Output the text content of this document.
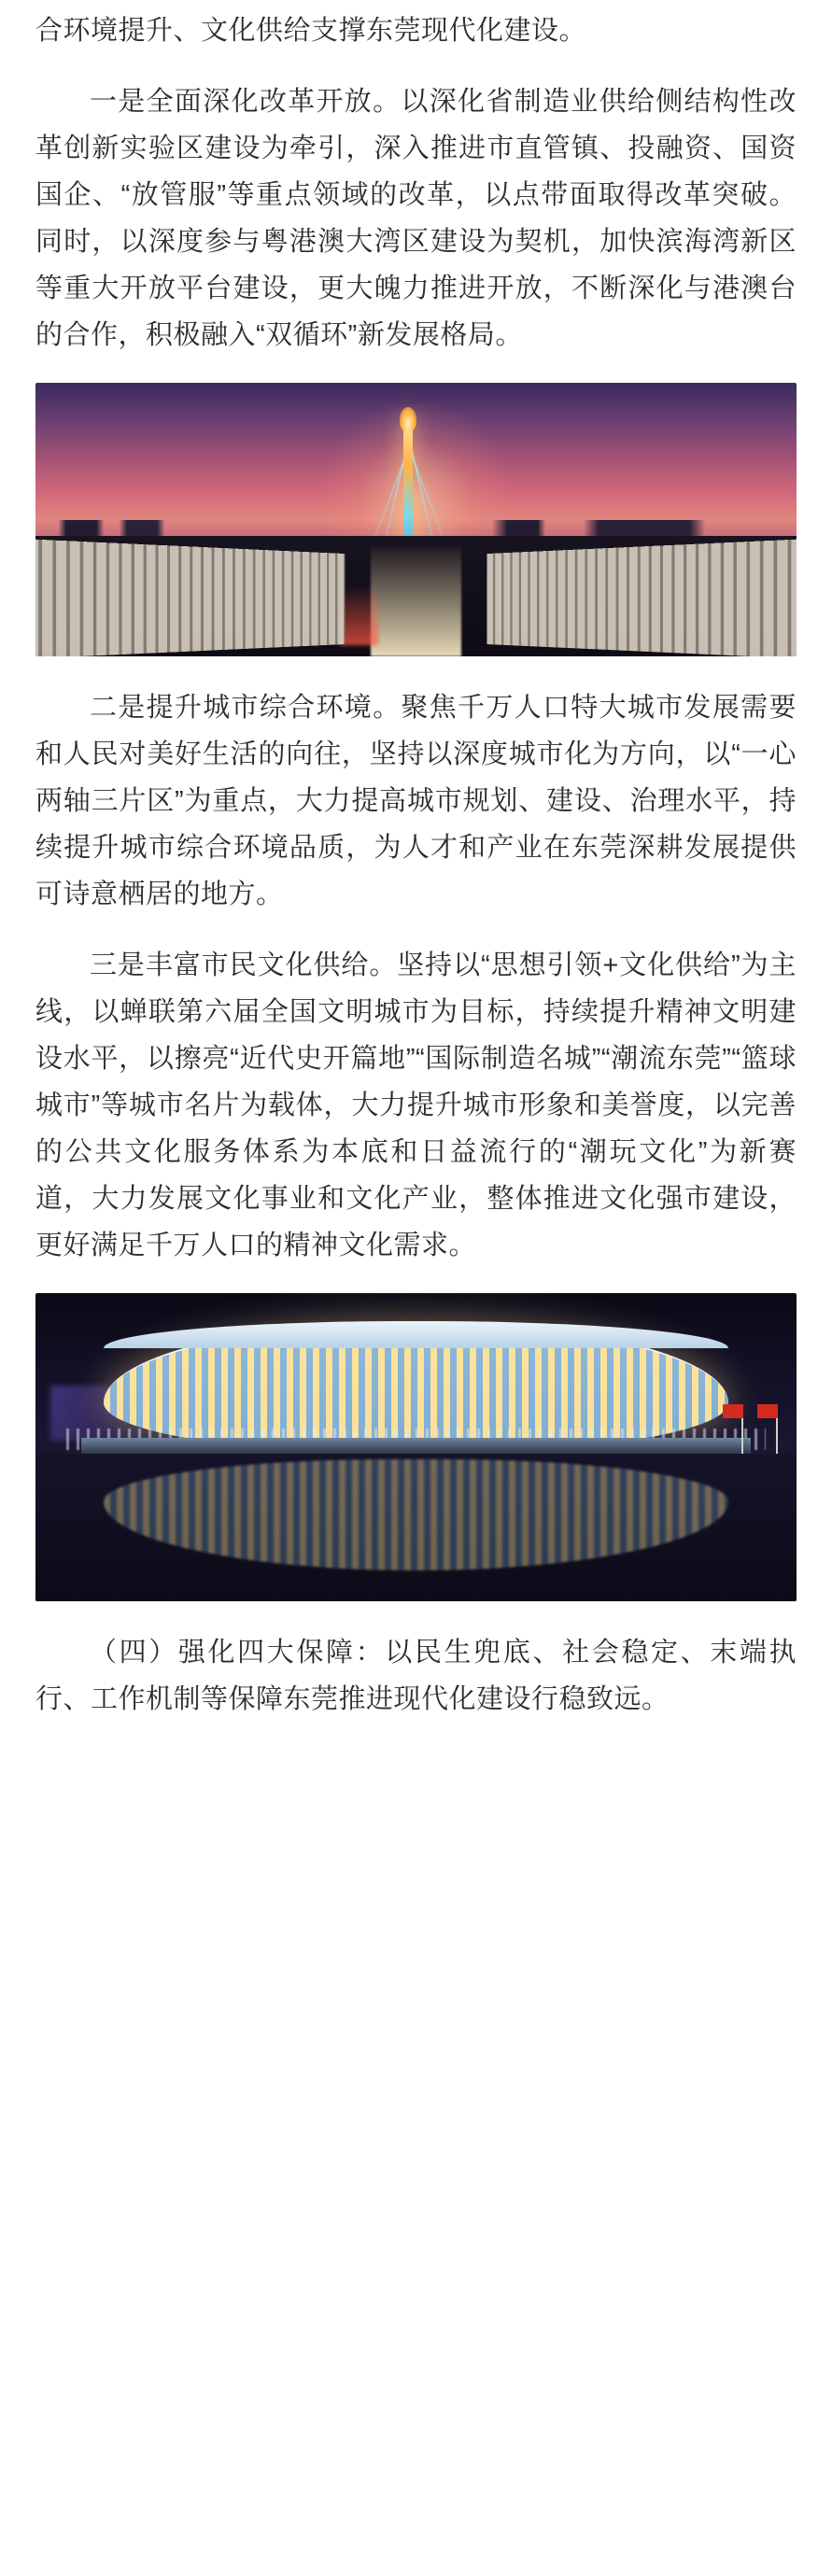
合环境提升、文化供给支撑东莞现代化建设。

一是全面深化改革开放。以深化省制造业供给侧结构性改革创新实验区建设为牵引，深入推进市直管镇、投融资、国资国企、“放管服”等重点领域的改革，以点带面取得改革突破。同时，以深度参与粤港澳大湾区建设为契机，加快滨海湾新区等重大开放平台建设，更大魄力推进开放，不断深化与港澳台的合作，积极融入“双循环”新发展格局。

二是提升城市综合环境。聚焦千万人口特大城市发展需要和人民对美好生活的向往，坚持以深度城市化为方向，以“一心两轴三片区”为重点，大力提高城市规划、建设、治理水平，持续提升城市综合环境品质，为人才和产业在东莞深耕发展提供可诗意栖居的地方。

三是丰富市民文化供给。坚持以“思想引领+文化供给”为主线，以蝉联第六届全国文明城市为目标，持续提升精神文明建设水平，以擦亮“近代史开篇地”“国际制造名城”“潮流东莞”“篮球城市”等城市名片为载体，大力提升城市形象和美誉度，以完善的公共文化服务体系为本底和日益流行的“潮玩文化”为新赛道，大力发展文化事业和文化产业，整体推进文化强市建设，更好满足千万人口的精神文化需求。

（四）强化四大保障：以民生兜底、社会稳定、末端执行、工作机制等保障东莞推进现代化建设行稳致远。
